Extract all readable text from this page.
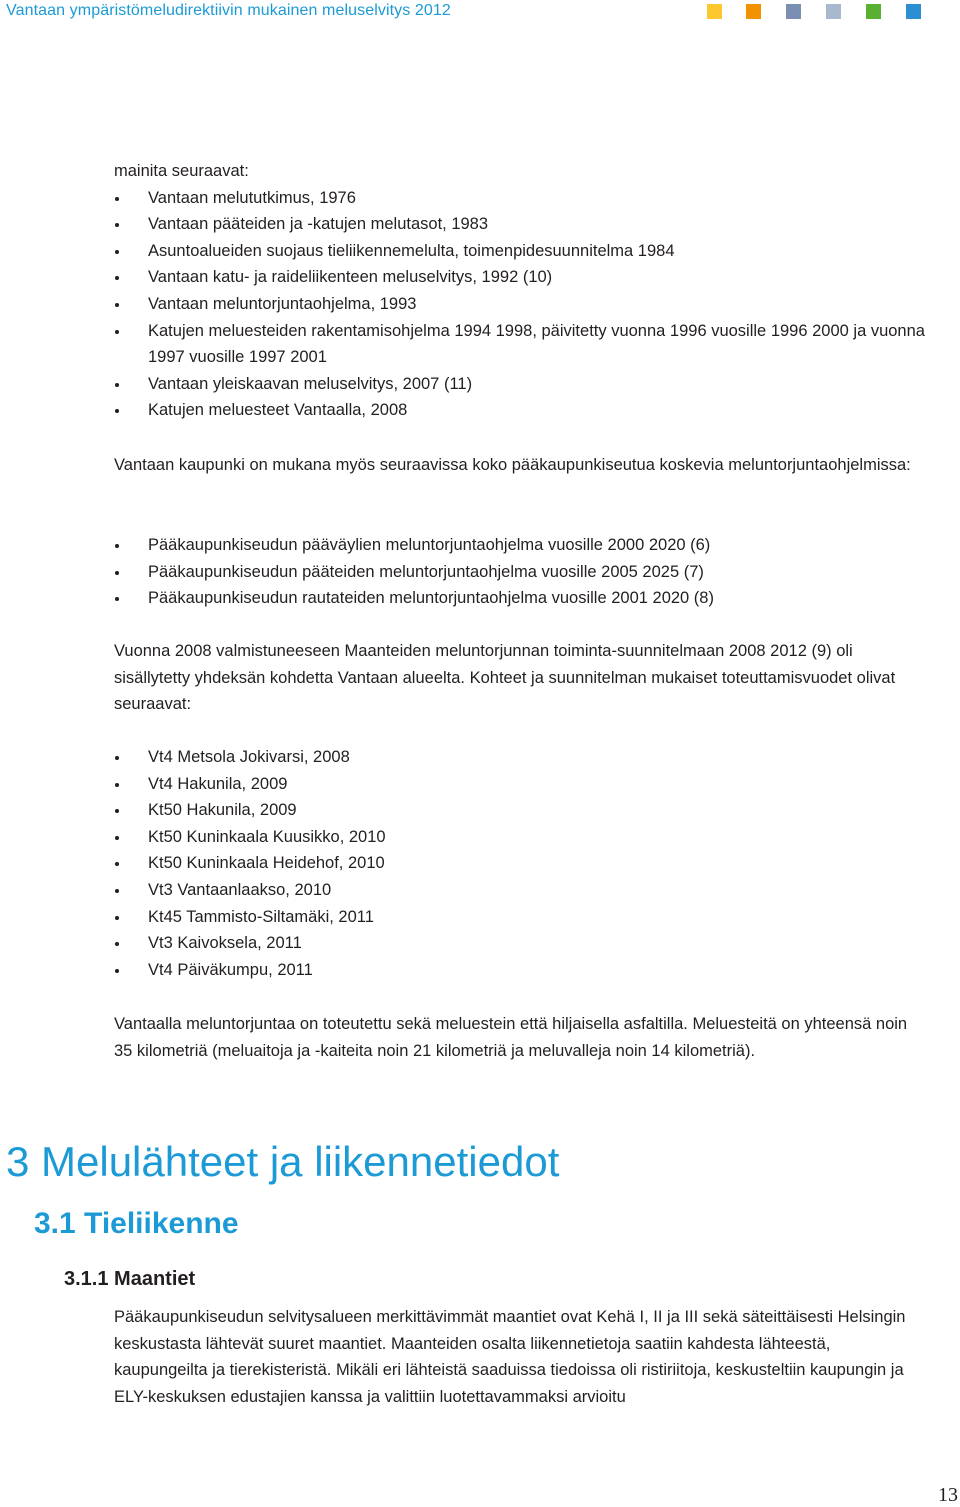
Vantaan ympäristömeludirektiivin mukainen meluselvitys 2012

mainita seuraavat:

Vantaan melututkimus, 1976
Vantaan pääteiden ja -katujen melutasot, 1983
Asuntoalueiden suojaus tieliikennemelulta, toimenpidesuunnitelma 1984
Vantaan katu- ja raideliikenteen meluselvitys, 1992 (10)
Vantaan meluntorjuntaohjelma, 1993
Katujen meluesteiden rakentamisohjelma 1994 1998, päivitetty vuonna 1996 vuosille 1996 2000 ja vuonna 1997 vuosille 1997 2001
Vantaan yleiskaavan meluselvitys, 2007 (11)
Katujen meluesteet Vantaalla, 2008

Vantaan kaupunki on mukana myös seuraavissa koko pääkaupunkiseutua koskevia meluntorjuntaohjelmissa:

Pääkaupunkiseudun pääväylien meluntorjuntaohjelma vuosille 2000 2020 (6)
Pääkaupunkiseudun pääteiden meluntorjuntaohjelma vuosille 2005 2025 (7)
Pääkaupunkiseudun rautateiden meluntorjuntaohjelma vuosille 2001 2020 (8)

Vuonna 2008 valmistuneeseen Maanteiden meluntorjunnan toiminta-suunnitelmaan 2008 2012 (9) oli sisällytetty yhdeksän kohdetta Vantaan alueelta. Kohteet ja suunnitelman mukaiset toteuttamisvuodet olivat seuraavat:

Vt4 Metsola Jokivarsi, 2008
Vt4 Hakunila, 2009
Kt50 Hakunila, 2009
Kt50 Kuninkaala Kuusikko, 2010
Kt50 Kuninkaala Heidehof, 2010
Vt3 Vantaanlaakso, 2010
Kt45 Tammisto-Siltamäki, 2011
Vt3 Kaivoksela, 2011
Vt4 Päiväkumpu, 2011

Vantaalla meluntorjuntaa on toteutettu sekä meluestein että hiljaisella asfaltilla. Meluesteitä on yhteensä noin 35 kilometriä (meluaitoja ja -kaiteita noin 21 kilometriä ja meluvalleja noin 14 kilometriä).

3 Melulähteet ja liikennetiedot
3.1 Tieliikenne
3.1.1 Maantiet

Pääkaupunkiseudun selvitysalueen merkittävimmät maantiet ovat Kehä I, II ja III sekä säteittäisesti Helsingin keskustasta lähtevät suuret maantiet. Maanteiden osalta liikennetietoja saatiin kahdesta lähteestä, kaupungeilta ja tierekisteristä. Mikäli eri lähteistä saaduissa tiedoissa oli ristiriitoja, keskusteltiin kaupungin ja ELY-keskuksen edustajien kanssa ja valittiin luotettavammaksi arvioitu

13
